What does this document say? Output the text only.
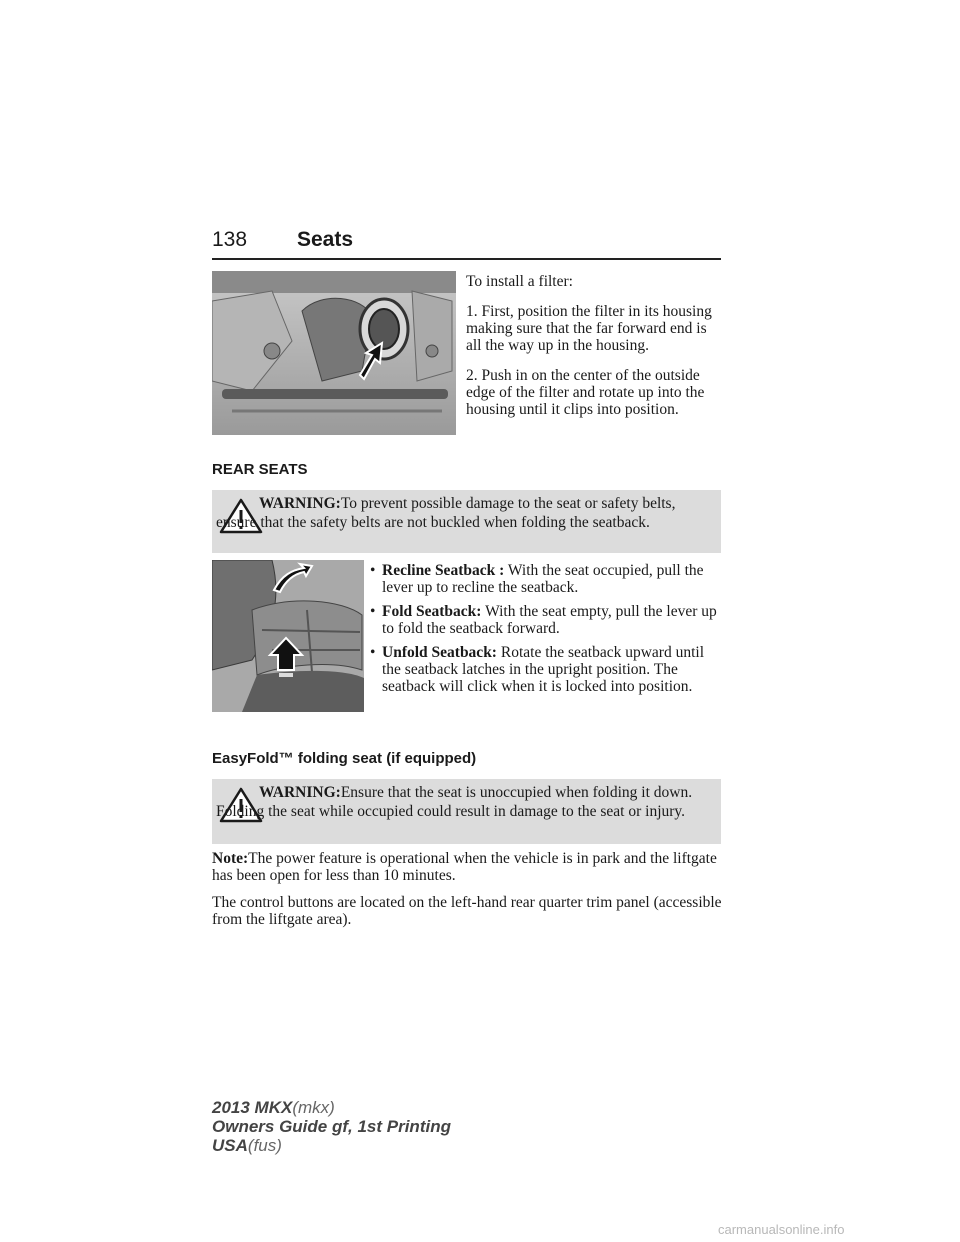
138 Seats

To install a filter:

1. First, position the filter in its housing making sure that the far forward end is all the way up in the housing.

2. Push in on the center of the outside edge of the filter and rotate up into the housing until it clips into position.

REAR SEATS
WARNING:To prevent possible damage to the seat or safety belts, ensure that the safety belts are not buckled when folding the seatback.
• Recline Seatback : With the seat occupied, pull the lever up to recline the seatback.
• Fold Seatback: With the seat empty, pull the lever up to fold the seatback forward.
• Unfold Seatback: Rotate the seatback upward until the seatback latches in the upright position. The seatback will click when it is locked into position.
EasyFold™ folding seat (if equipped)
WARNING:Ensure that the seat is unoccupied when folding it down. Folding the seat while occupied could result in damage to the seat or injury.

Note:The power feature is operational when the vehicle is in park and the liftgate has been open for less than 10 minutes.

The control buttons are located on the left-hand rear quarter trim panel (accessible from the liftgate area).

2013 MKX(mkx)
Owners Guide gf, 1st Printing
USA(fus)
carmanualsonline.info
